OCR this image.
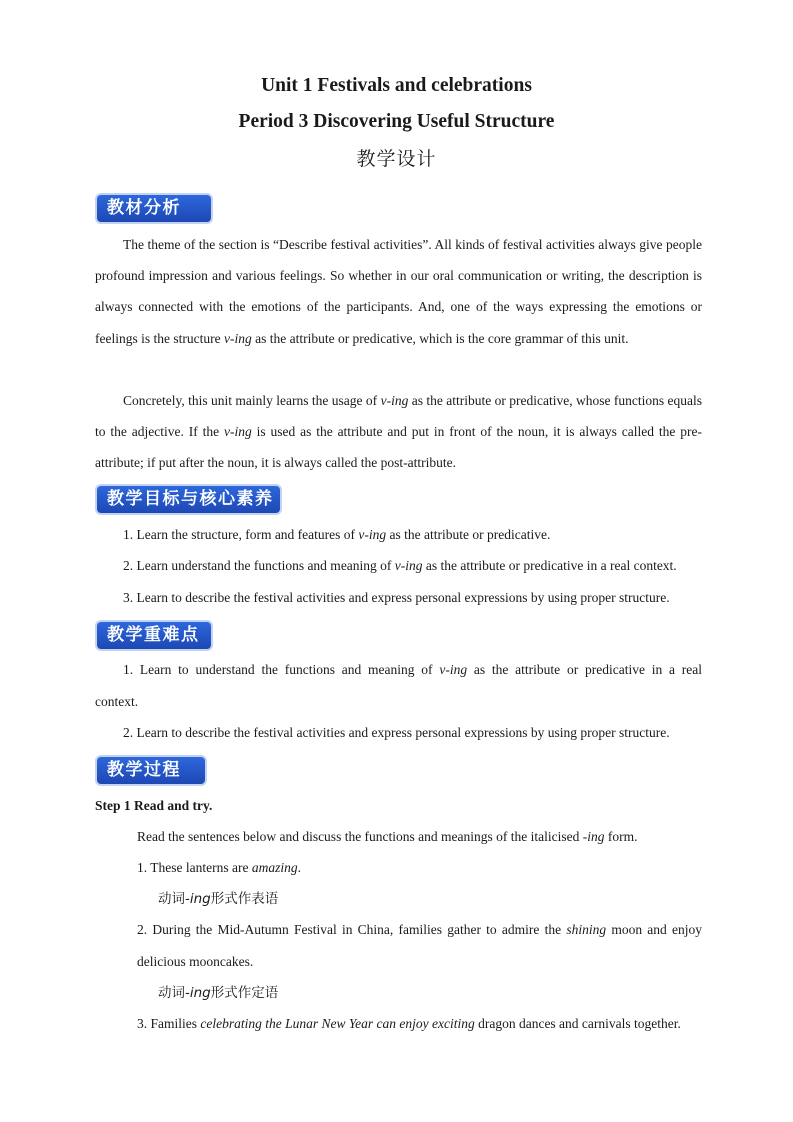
Unit 1 Festivals and celebrations
Period 3 Discovering Useful Structure
教学设计
教材分析

The theme of the section is “Describe festival activities”. All kinds of festival activities always give people profound impression and various feelings. So whether in our oral communication or writing, the description is always connected with the emotions of the participants. And, one of the ways expressing the emotions or feelings is the structure v-ing as the attribute or predicative, which is the core grammar of this unit.

Concretely, this unit mainly learns the usage of v-ing as the attribute or predicative, whose functions equals to the adjective. If the v-ing is used as the attribute and put in front of the noun, it is always called the pre-attribute; if put after the noun, it is always called the post-attribute.

教学目标与核心素养
1. Learn the structure, form and features of v-ing as the attribute or predicative.
2. Learn understand the functions and meaning of v-ing as the attribute or predicative in a real context.
3. Learn to describe the festival activities and express personal expressions by using proper structure.
教学重难点
1. Learn to understand the functions and meaning of v-ing as the attribute or predicative in a real
context.
2. Learn to describe the festival activities and express personal expressions by using proper structure.
教学过程
Step 1 Read and try.
Read the sentences below and discuss the functions and meanings of the italicised -ing form.
1. These lanterns are amazing.
动词-ing形式作表语
2. During the Mid-Autumn Festival in China, families gather to admire the shining moon and enjoy
delicious mooncakes.
动词-ing形式作定语
3. Families celebrating the Lunar New Year can enjoy exciting dragon dances and carnivals together.
